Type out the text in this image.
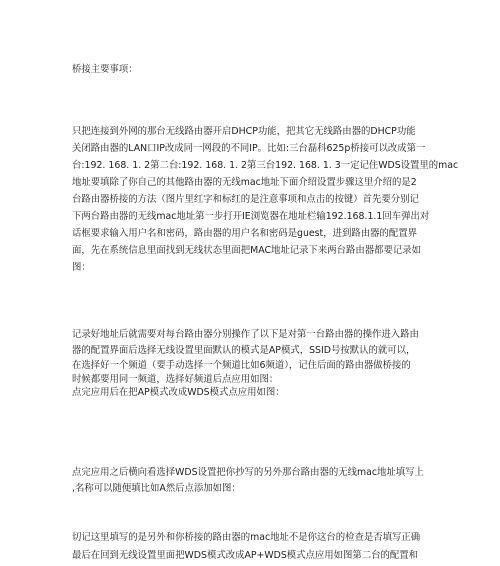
桥接主要事项：
只把连接到外网的那台无线路由器开启DHCP功能，把其它无线路由器的DHCP功能
关闭路由器的LAN口IP改成同一网段的不同IP。比如:三台磊科625p桥接可以改成第一
台:192. 168. 1. 2第二台:192. 168. 1. 2第三台192. 168. 1. 3一定记住WDS设置里的mac
地址要填除了你自己的其他路由器的无线mac地址下面介绍设置步骤这里介绍的是2
台路由器桥接的方法（图片里红字和标红的是注意事项和点击的按键）首先要分别记
下两台路由器的无线mac地址第一步打开IE浏览器在地址栏输192.168.1.1回车弹出对
话框要求输入用户名和密码，路由器的用户名和密码是guest，进到路由器的配置界
面，先在系统信息里面找到无线状态里面把MAC地址记录下来两台路由器都要记录如
图：
记录好地址后就需要对每台路由器分别操作了以下是对第一台路由器的操作进入路由
器的配置界面后选择无线设置里面默认的模式是AP模式，SSID号按默认的就可以，
在选择好一个频道（要手动选择一个频道比如6频道），记住后面的路由器做桥接的
时候都要用同一频道，选择好频道后点应用如图：
点完应用后在把AP模式改成WDS模式点应用如图：
点完应用之后横向看选择WDS设置把你抄写的另外那台路由器的无线mac地址填写上
,名称可以随便填比如A然后点添加如图：
切记这里填写的是另外和你桥接的路由器的mac地址不是你这台的检查是否填写正确
最后在回到无线设置里面把WDS模式改成AP+WDS模式点应用如图第二台的配置和
